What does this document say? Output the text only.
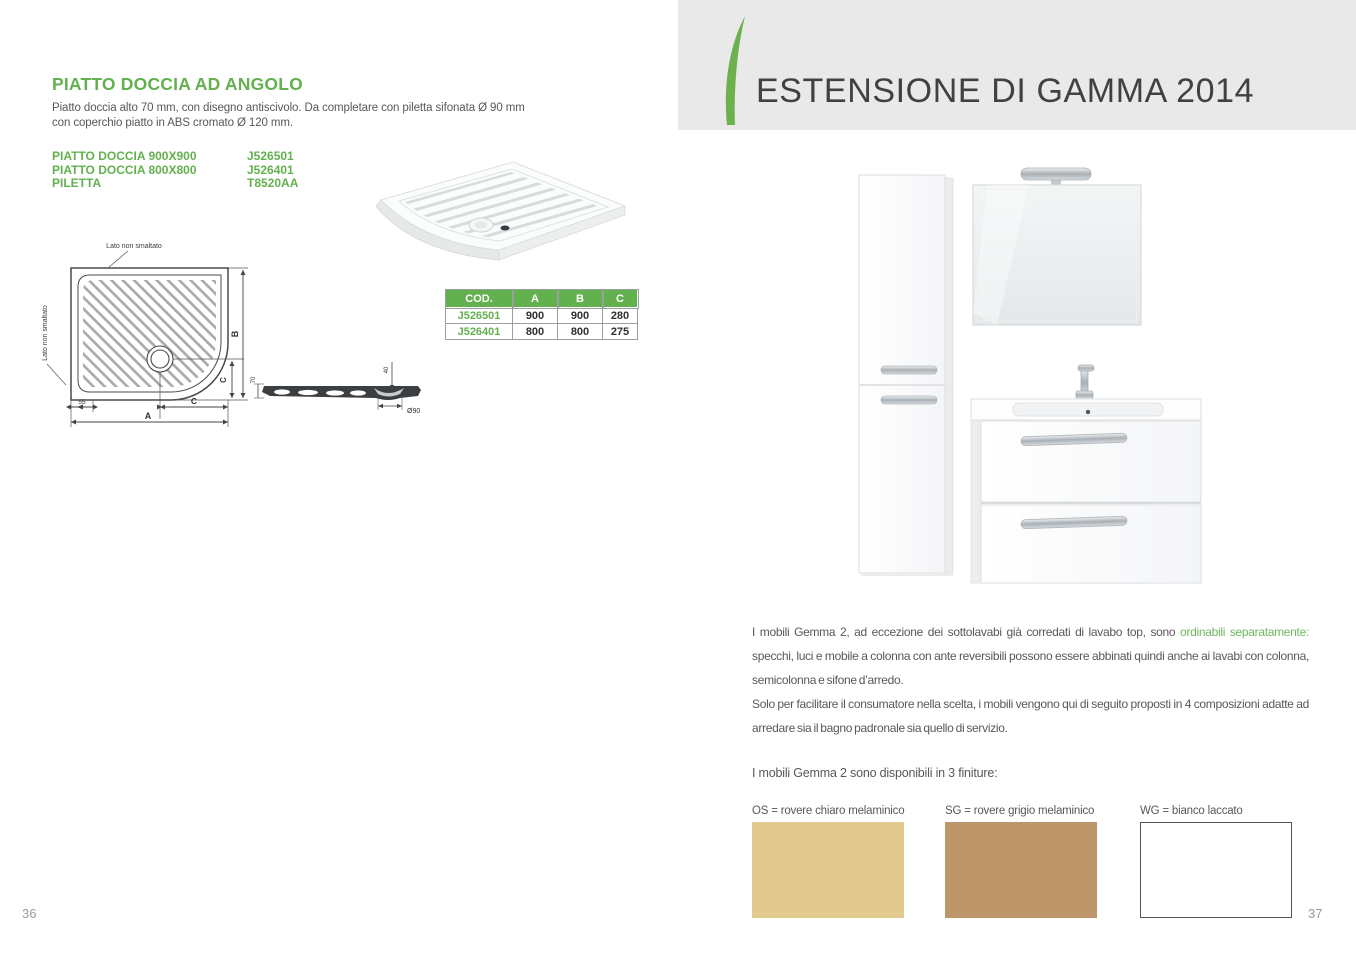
PIATTO DOCCIA AD ANGOLO
Piatto doccia alto 70 mm, con disegno antiscivolo. Da completare con piletta sifonata Ø 90 mm
con coperchio piatto in ABS cromato Ø 120 mm.
PIATTO DOCCIA 900X900	J526501
PIATTO DOCCIA 800X800	J526401
PILETTA	T8520AA
Lato non smaltato
Lato non smaltato	B
C
55	C
A
70
40
Ø90
COD.	A	B	C
J526501	900	900	280
J526401	800	800	275
36
ESTENSIONE DI GAMMA 2014
I mobili Gemma 2, ad eccezione dei sottolavabi già corredati di lavabo top, sono ordinabili separatamente: specchi, luci e mobile a colonna con ante reversibili possono essere abbinati quindi anche ai lavabi con colonna, semicolonna e sifone d’arredo.
Solo per facilitare il consumatore nella scelta, i mobili vengono qui di seguito proposti in 4 composizioni adatte ad arredare sia il bagno padronale sia quello di servizio.
I mobili Gemma 2 sono disponibili in 3 finiture:
OS = rovere chiaro melaminico	SG = rovere grigio melaminico	WG = bianco laccato
37
